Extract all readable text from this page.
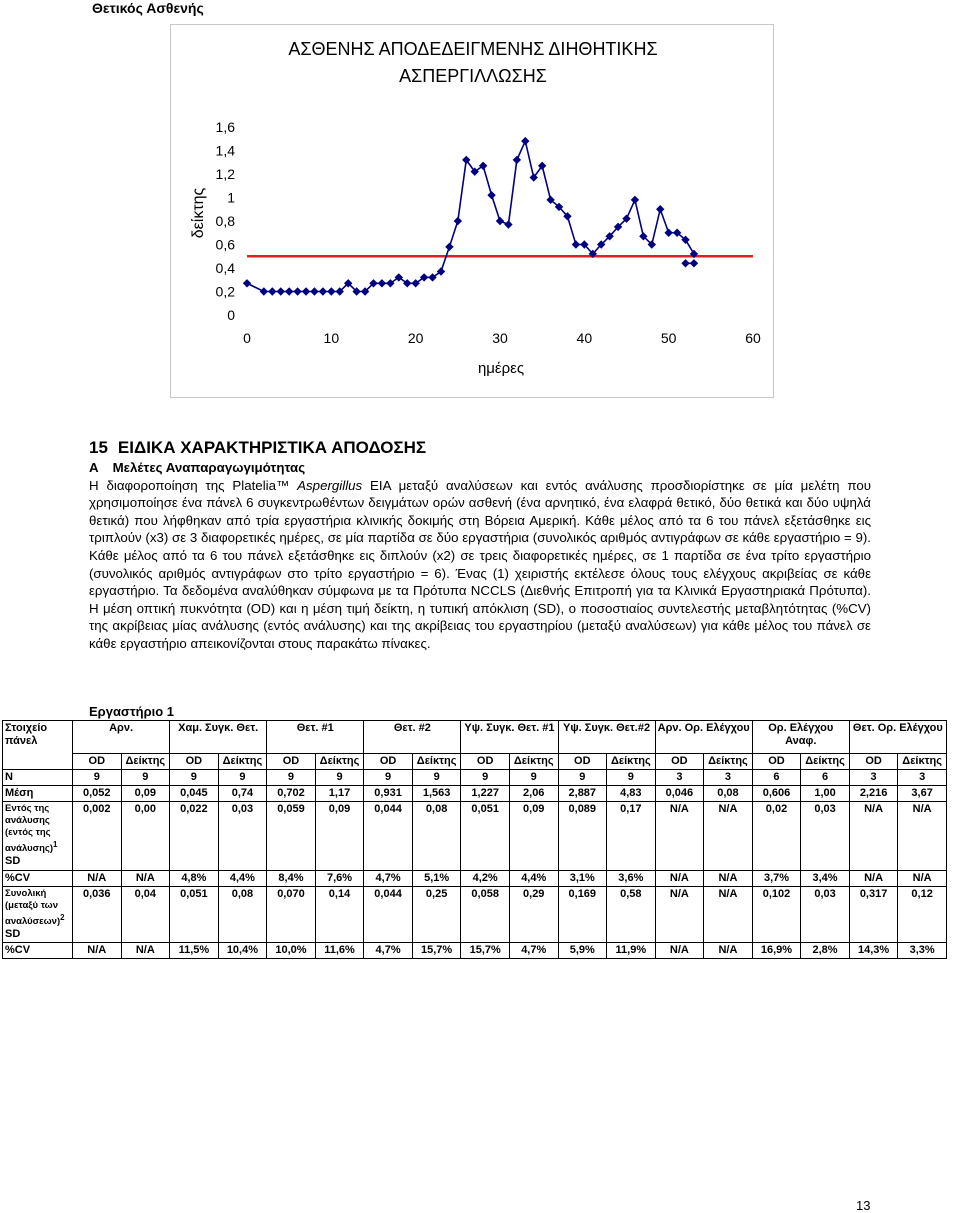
Θετικός Ασθενής
ΑΣΘΕΝΗΣ ΑΠΟΔΕΔΕΙΓΜΕΝΗΣ ΔΙΗΘΗΤΙΚΗΣ
ΑΣΠΕΡΓΙΛΛΩΣΗΣ
0
0,2
0,4
0,6
0,8
1
1,2
1,4
1,6
0	10	20	30	40	50	60
ημέρες
δείκτης
15 ΕΙΔΙΚΑ ΧΑΡΑΚΤΗΡΙΣΤΙΚΑ ΑΠΟΔΟΣΗΣ
Α Μελέτες Αναπαραγωγιμότητας

Η διαφοροποίηση της Platelia™ Aspergillus EIA μεταξύ αναλύσεων και εντός ανάλυσης προσδιορίστηκε σε μία μελέτη που χρησιμοποίησε ένα πάνελ 6 συγκεντρωθέντων δειγμάτων ορών ασθενή (ένα αρνητικό, ένα ελαφρά θετικό, δύο θετικά και δύο υψηλά θετικά) που λήφθηκαν από τρία εργαστήρια κλινικής δοκιμής στη Βόρεια Αμερική. Κάθε μέλος από τα 6 του πάνελ εξετάσθηκε εις τριπλούν (x3) σε 3 διαφορετικές ημέρες, σε μία παρτίδα σε δύο εργαστήρια (συνολικός αριθμός αντιγράφων σε κάθε εργαστήριο = 9). Κάθε μέλος από τα 6 του πάνελ εξετάσθηκε εις διπλούν (x2) σε τρεις διαφορετικές ημέρες, σε 1 παρτίδα σε ένα τρίτο εργαστήριο (συνολικός αριθμός αντιγράφων στο τρίτο εργαστήριο = 6). Ένας (1) χειριστής εκτέλεσε όλους τους ελέγχους ακριβείας σε κάθε εργαστήριο. Τα δεδομένα αναλύθηκαν σύμφωνα με τα Πρότυπα NCCLS (Διεθνής Επιτροπή για τα Κλινικά Εργαστηριακά Πρότυπα). Η μέση οπτική πυκνότητα (OD) και η μέση τιμή δείκτη, η τυπική απόκλιση (SD), ο ποσοστιαίος συντελεστής μεταβλητότητας (%CV) της ακρίβειας μίας ανάλυσης (εντός ανάλυσης) και της ακρίβειας του εργαστηρίου (μεταξύ αναλύσεων) για κάθε μέλος του πάνελ σε κάθε εργαστήριο απεικονίζονται στους παρακάτω πίνακες.

Εργαστήριο 1
Στοιχείο πάνελ	Αρν.		Χαμ. Συγκ. Θετ.		Θετ. #1		Θετ. #2		Υψ. Συγκ. Θετ. #1		Υψ. Συγκ. Θετ.#2		Αρν. Ορ. Ελέγχου		Ορ. Ελέγχου Αναφ.		Θετ. Ορ. Ελέγχου	
	OD	Δείκτης	OD	Δείκτης	OD	Δείκτης	OD	Δείκτης	OD	Δείκτης	OD	Δείκτης	OD	Δείκτης	OD	Δείκτης	OD	Δείκτης
N	9	9	9	9	9	9	9	9	9	9	9	9	3	3	6	6	3	3
Μέση	0,052	0,09	0,045	0,74	0,702	1,17	0,931	1,563	1,227	2,06	2,887	4,83	0,046	0,08	0,606	1,00	2,216	3,67
Εντός της ανάλυσης (εντός της ανάλυσης)$^1$
SD	0,002	0,00	0,022	0,03	0,059	0,09	0,044	0,08	0,051	0,09	0,089	0,17	N/A	N/A	0,02	0,03	N/A	N/A
%CV	N/A	N/A	4,8%	4,4%	8,4%	7,6%	4,7%	5,1%	4,2%	4,4%	3,1%	3,6%	N/A	N/A	3,7%	3,4%	N/A	N/A
Συνολική (μεταξύ των αναλύσεων)$^2$
SD	0,036	0,04	0,051	0,08	0,070	0,14	0,044	0,25	0,058	0,29	0,169	0,58	N/A	N/A	0,102	0,03	0,317	0,12
%CV	N/A	N/A	11,5%	10,4%	10,0%	11,6%	4,7%	15,7%	15,7%	4,7%	5,9%	11,9%	N/A	N/A	16,9%	2,8%	14,3%	3,3%
13
